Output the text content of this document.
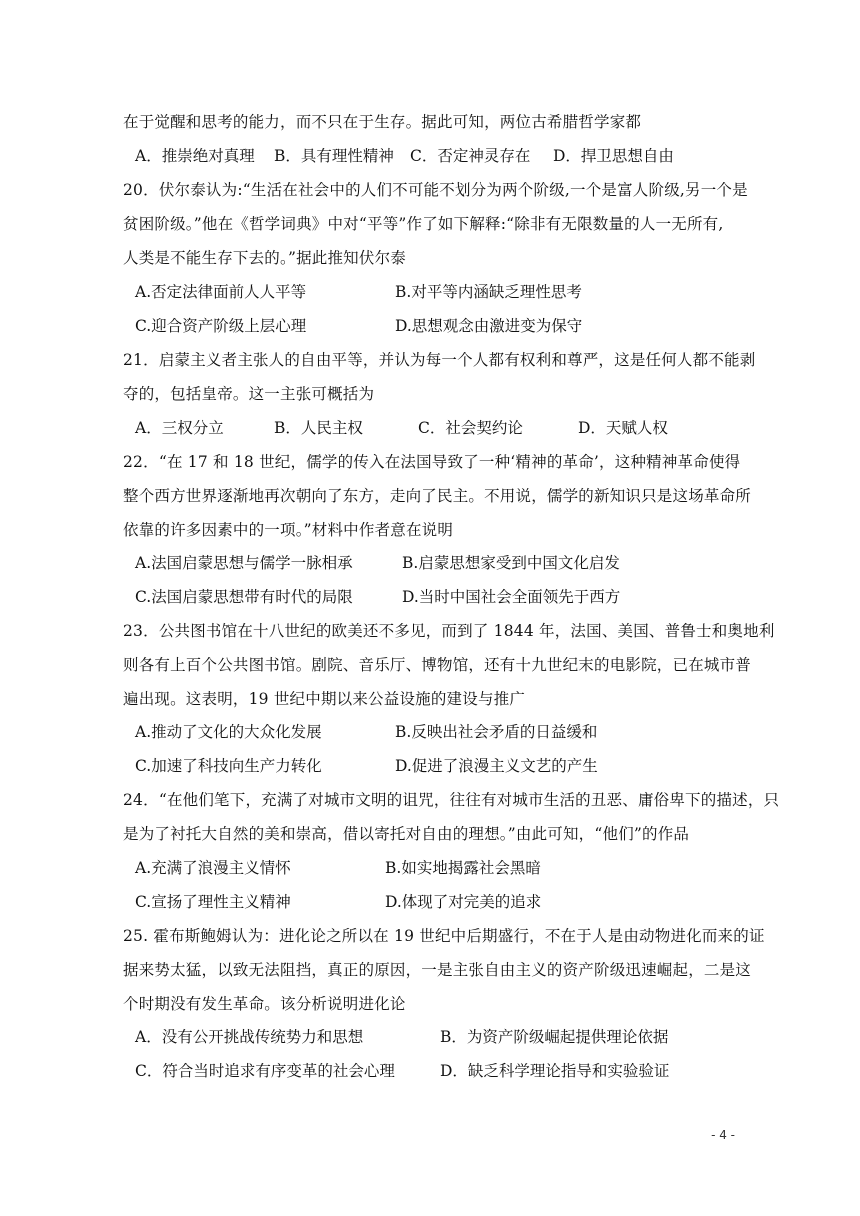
在于觉醒和思考的能力，而不只在于生存。据此可知，两位古希腊哲学家都
A．推崇绝对真理 B．具有理性精神 C．否定神灵存在 D．捍卫思想自由
20．伏尔泰认为:“生活在社会中的人们不可能不划分为两个阶级,一个是富人阶级,另一个是
贫困阶级。”他在《哲学词典》中对“平等”作了如下解释:“除非有无限数量的人一无所有,
人类是不能生存下去的。”据此推知伏尔泰
A.否定法律面前人人平等	B.对平等内涵缺乏理性思考
C.迎合资产阶级上层心理	D.思想观念由激进变为保守
21．启蒙主义者主张人的自由平等，并认为每一个人都有权利和尊严，这是任何人都不能剥
夺的，包括皇帝。这一主张可概括为
A．三权分立	B．人民主权	C．社会契约论	D．天赋人权
22．“在 17 和 18 世纪，儒学的传入在法国导致了一种‘精神的革命’，这种精神革命使得
整个西方世界逐渐地再次朝向了东方，走向了民主。不用说，儒学的新知识只是这场革命所
依靠的许多因素中的一项。”材料中作者意在说明
A.法国启蒙思想与儒学一脉相承	B.启蒙思想家受到中国文化启发
C.法国启蒙思想带有时代的局限	D.当时中国社会全面领先于西方
23．公共图书馆在十八世纪的欧美还不多见，而到了 1844 年，法国、美国、普鲁士和奥地利
则各有上百个公共图书馆。剧院、音乐厅、博物馆，还有十九世纪末的电影院，已在城市普
遍出现。这表明，19 世纪中期以来公益设施的建设与推广
A.推动了文化的大众化发展	B.反映出社会矛盾的日益缓和
C.加速了科技向生产力转化	D.促进了浪漫主义文艺的产生
24．“在他们笔下，充满了对城市文明的诅咒，往往有对城市生活的丑恶、庸俗卑下的描述，只
是为了衬托大自然的美和崇高，借以寄托对自由的理想。”由此可知，“他们”的作品
A.充满了浪漫主义情怀	B.如实地揭露社会黑暗
C.宣扬了理性主义精神	D.体现了对完美的追求
25. 霍布斯鲍姆认为：进化论之所以在 19 世纪中后期盛行，不在于人是由动物进化而来的证
据来势太猛，以致无法阻挡，真正的原因，一是主张自由主义的资产阶级迅速崛起，二是这
个时期没有发生革命。该分析说明进化论
A．没有公开挑战传统势力和思想	B．为资产阶级崛起提供理论依据
C．符合当时追求有序变革的社会心理	D．缺乏科学理论指导和实验验证
- 4 -
